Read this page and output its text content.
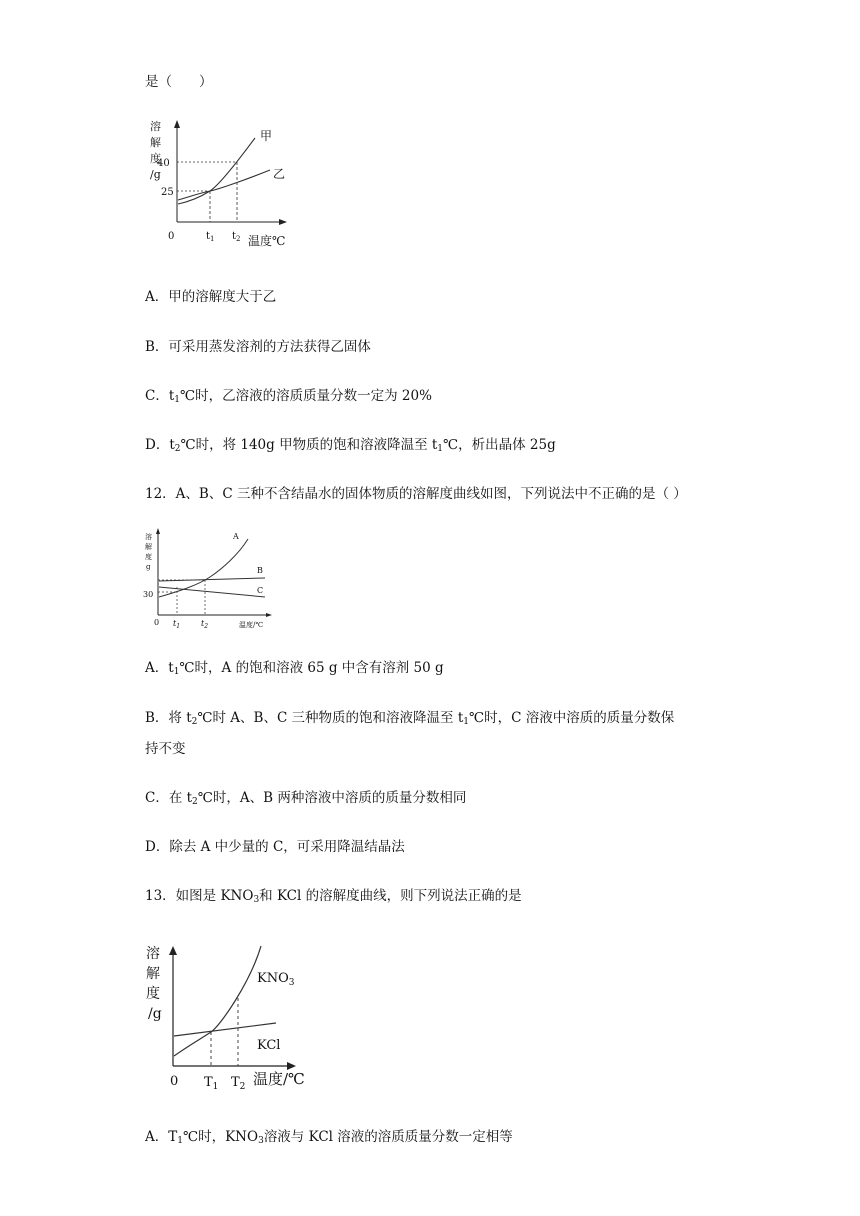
是（　　）
溶
解
度
/g
40
25
0	$t_1$ $t_2$ 温度℃
甲
乙
A．甲的溶解度大于乙
B．可采用蒸发溶剂的方法获得乙固体
C．$t_1℃$时，乙溶液的溶质质量分数一定为 20%
D．$t_2℃$时，将 140g 甲物质的饱和溶液降温至 $t_1℃$，析出晶体 25g
12．A、B、C 三种不含结晶水的固体物质的溶解度曲线如图，下列说法中不正确的是（ ）
溶
解
度
g
30
0 $t_1$	$t_2$	温度/℃
A
B
C
A．$t_1℃$时，A 的饱和溶液 65 g 中含有溶剂 50 g
B．将 $t_2℃$时 A、B、C 三种物质的饱和溶液降温至 $t_1℃$时，C 溶液中溶质的质量分数保
持不变
C．在 $t_2℃$时，A、B 两种溶液中溶质的质量分数相同
D．除去 A 中少量的 C，可采用降温结晶法
13．如图是 $KNO_3$和 KCl 的溶解度曲线，则下列说法正确的是
溶
解
度
/g
0 $T_1$ $T_2$ 温度/℃
$KNO_3$
KCl
A．$T_1℃$时，$KNO_3$溶液与 KCl 溶液的溶质质量分数一定相等
